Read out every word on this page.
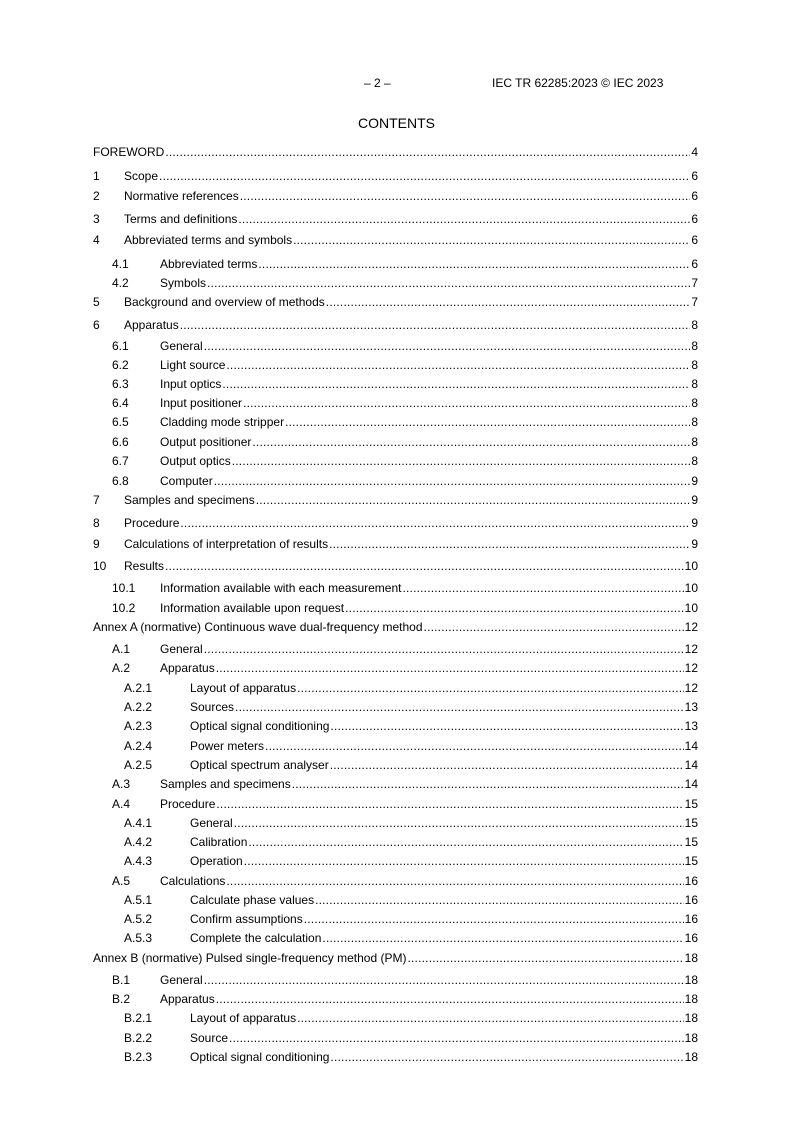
– 2 –	IEC TR 62285:2023 © IEC 2023
CONTENTS
FOREWORD .....	4
1 Scope .....	6
2 Normative references .....	6
3 Terms and definitions .....	6
4 Abbreviated terms and symbols .....	6
4.1	Abbreviated terms .....	6
4.2	Symbols .....	7
5 Background and overview of methods .....	7
6 Apparatus .....	8
6.1	General .....	8
6.2	Light source .....	8
6.3	Input optics .....	8
6.4	Input positioner .....	8
6.5	Cladding mode stripper .....	8
6.6	Output positioner .....	8
6.7	Output optics .....	8
6.8	Computer .....	9
7 Samples and specimens .....	9
8 Procedure .....	9
9 Calculations of interpretation of results .....	9
10 Results .....	10
10.1 Information available with each measurement .....	10
10.2 Information available upon request .....	10
Annex A (normative) Continuous wave dual-frequency method .....	12
A.1 General .....	12
A.2 Apparatus .....	12
A.2.1	Layout of apparatus .....	12
A.2.2	Sources .....	13
A.2.3	Optical signal conditioning .....	13
A.2.4	Power meters .....	14
A.2.5	Optical spectrum analyser .....	14
A.3 Samples and specimens .....	14
A.4 Procedure .....	15
A.4.1	General .....	15
A.4.2	Calibration .....	15
A.4.3	Operation .....	15
A.5 Calculations .....	16
A.5.1	Calculate phase values .....	16
A.5.2	Confirm assumptions .....	16
A.5.3	Complete the calculation .....	16
Annex B (normative) Pulsed single-frequency method (PM) .....	18
B.1 General .....	18
B.2 Apparatus .....	18
B.2.1	Layout of apparatus .....	18
B.2.2	Source .....	18
B.2.3	Optical signal conditioning .....	18
